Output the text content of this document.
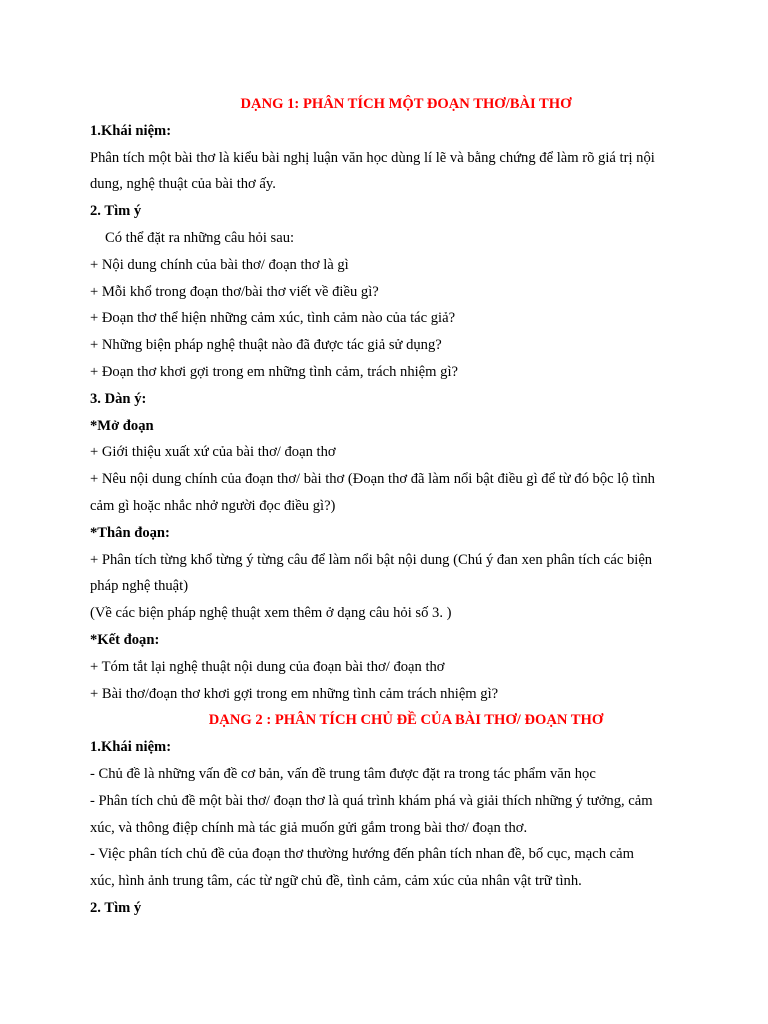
DẠNG 1: PHÂN TÍCH MỘT ĐOẠN THƠ/BÀI THƠ

1.Khái niệm:

Phân tích một bài thơ là kiểu bài nghị luận văn học dùng lí lẽ và bằng chứng để làm rõ giá trị nội

dung, nghệ thuật của bài thơ ấy.

2. Tìm ý

Có thể đặt ra những câu hỏi sau:

+ Nội dung chính của bài thơ/ đoạn thơ là gì

+ Mỗi khổ trong đoạn thơ/bài thơ viết về điều gì?

+ Đoạn thơ thể hiện những cảm xúc, tình cảm nào của tác giả?

+ Những biện pháp nghệ thuật nào đã được tác giả sử dụng?

+ Đoạn thơ khơi gợi trong em những tình cảm, trách nhiệm gì?

3. Dàn ý:

*Mở đoạn

+ Giới thiệu xuất xứ của bài thơ/ đoạn thơ

+ Nêu nội dung chính của đoạn thơ/ bài thơ (Đoạn thơ đã làm nổi bật điều gì để từ đó bộc lộ tình

cảm gì hoặc nhắc nhở người đọc điều gì?)

*Thân đoạn:

+ Phân tích từng khổ từng ý từng câu để làm nổi bật nội dung (Chú ý đan xen phân tích các biện

pháp nghệ thuật)

(Về các biện pháp nghệ thuật xem thêm ở dạng câu hỏi số 3. )

*Kết đoạn:

+ Tóm tắt lại nghệ thuật nội dung của đoạn bài thơ/ đoạn thơ

+ Bài thơ/đoạn thơ khơi gợi trong em những tình cảm trách nhiệm gì?

DẠNG 2 : PHÂN TÍCH CHỦ ĐỀ CỦA BÀI THƠ/ ĐOẠN THƠ

1.Khái niệm:

- Chủ đề là những vấn đề cơ bản, vấn đề trung tâm được đặt ra trong tác phẩm văn học

- Phân tích chủ đề một bài thơ/ đoạn thơ là quá trình khám phá và giải thích những ý tưởng, cảm

xúc, và thông điệp chính mà tác giả muốn gửi gắm trong bài thơ/ đoạn thơ.

- Việc phân tích chủ đề của đoạn thơ thường hướng đến phân tích nhan đề, bố cục, mạch cảm

xúc, hình ảnh trung tâm, các từ ngữ chủ đề, tình cảm, cảm xúc của nhân vật trữ tình.

2. Tìm ý
